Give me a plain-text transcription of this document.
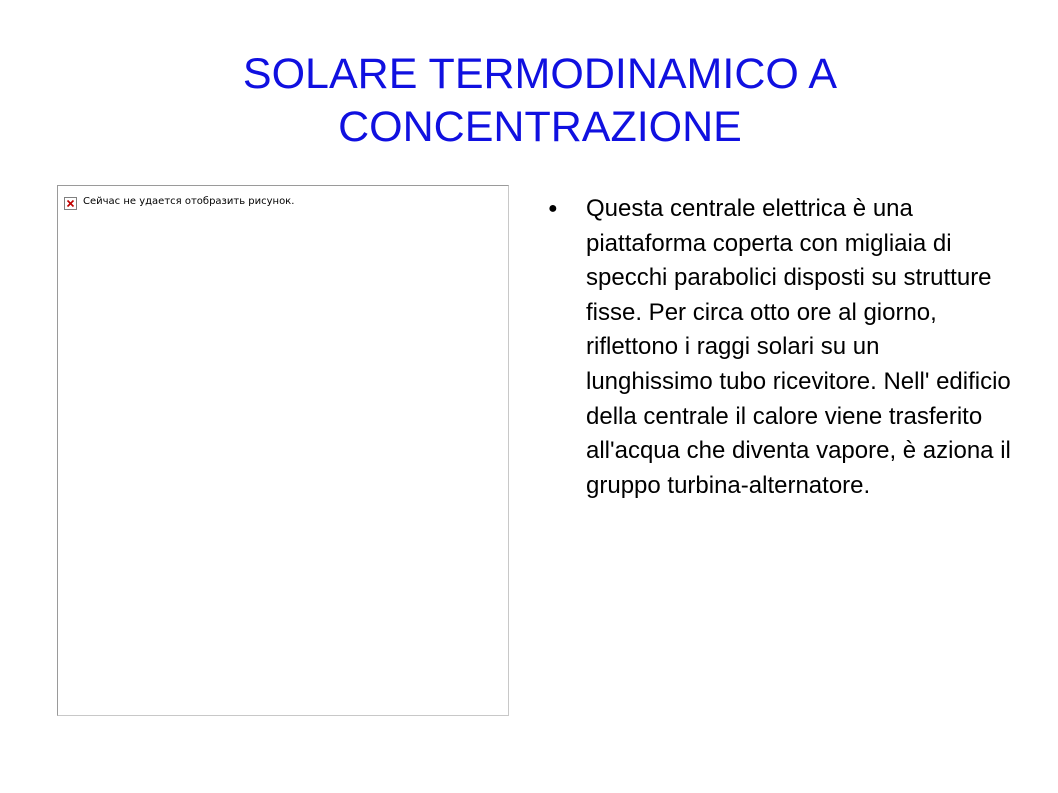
SOLARE TERMODINAMICO A CONCENTRAZIONE
Сейчас не удается отобразить рисунок.	●	Questa centrale elettrica è una piattaforma coperta con migliaia di specchi parabolici disposti su strutture fisse. Per circa otto ore al giorno, riflettono i raggi solari su un lunghissimo tubo ricevitore. Nell' edificio della centrale il calore viene trasferito all'acqua che diventa vapore, è aziona il gruppo turbina-alternatore.
